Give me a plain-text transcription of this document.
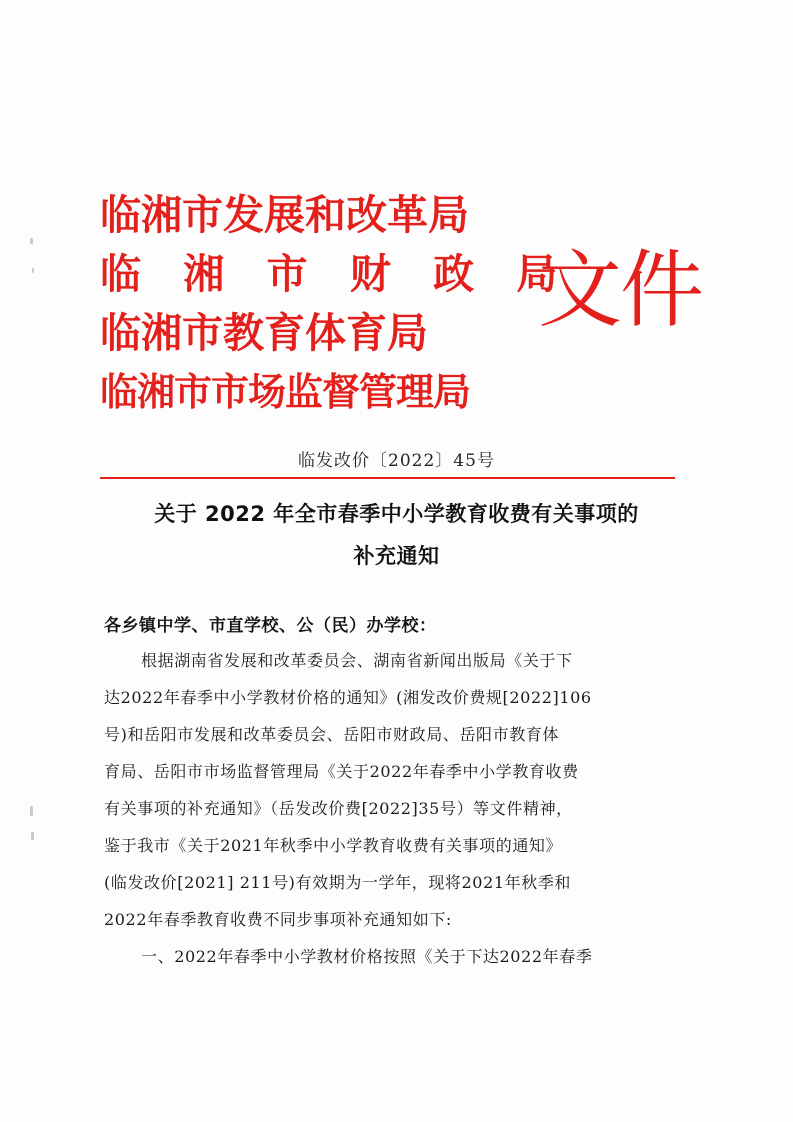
临湘市发展和改革局
临 湘 市 财 政 局
临湘市教育体育局
临湘市市场监督管理局
文件
临发改价〔2022〕45号
关于 2022 年全市春季中小学教育收费有关事项的
补充通知
各乡镇中学、市直学校、公（民）办学校：
根据湖南省发展和改革委员会、湖南省新闻出版局《关于下
达2022年春季中小学教材价格的通知》(湘发改价费规[2022]106
号)和岳阳市发展和改革委员会、岳阳市财政局、岳阳市教育体
育局、岳阳市市场监督管理局《关于2022年春季中小学教育收费
有关事项的补充通知》（岳发改价费[2022]35号）等文件精神，
鉴于我市《关于2021年秋季中小学教育收费有关事项的通知》
(临发改价[2021] 211号)有效期为一学年，现将2021年秋季和
2022年春季教育收费不同步事项补充通知如下:
一、2022年春季中小学教材价格按照《关于下达2022年春季
